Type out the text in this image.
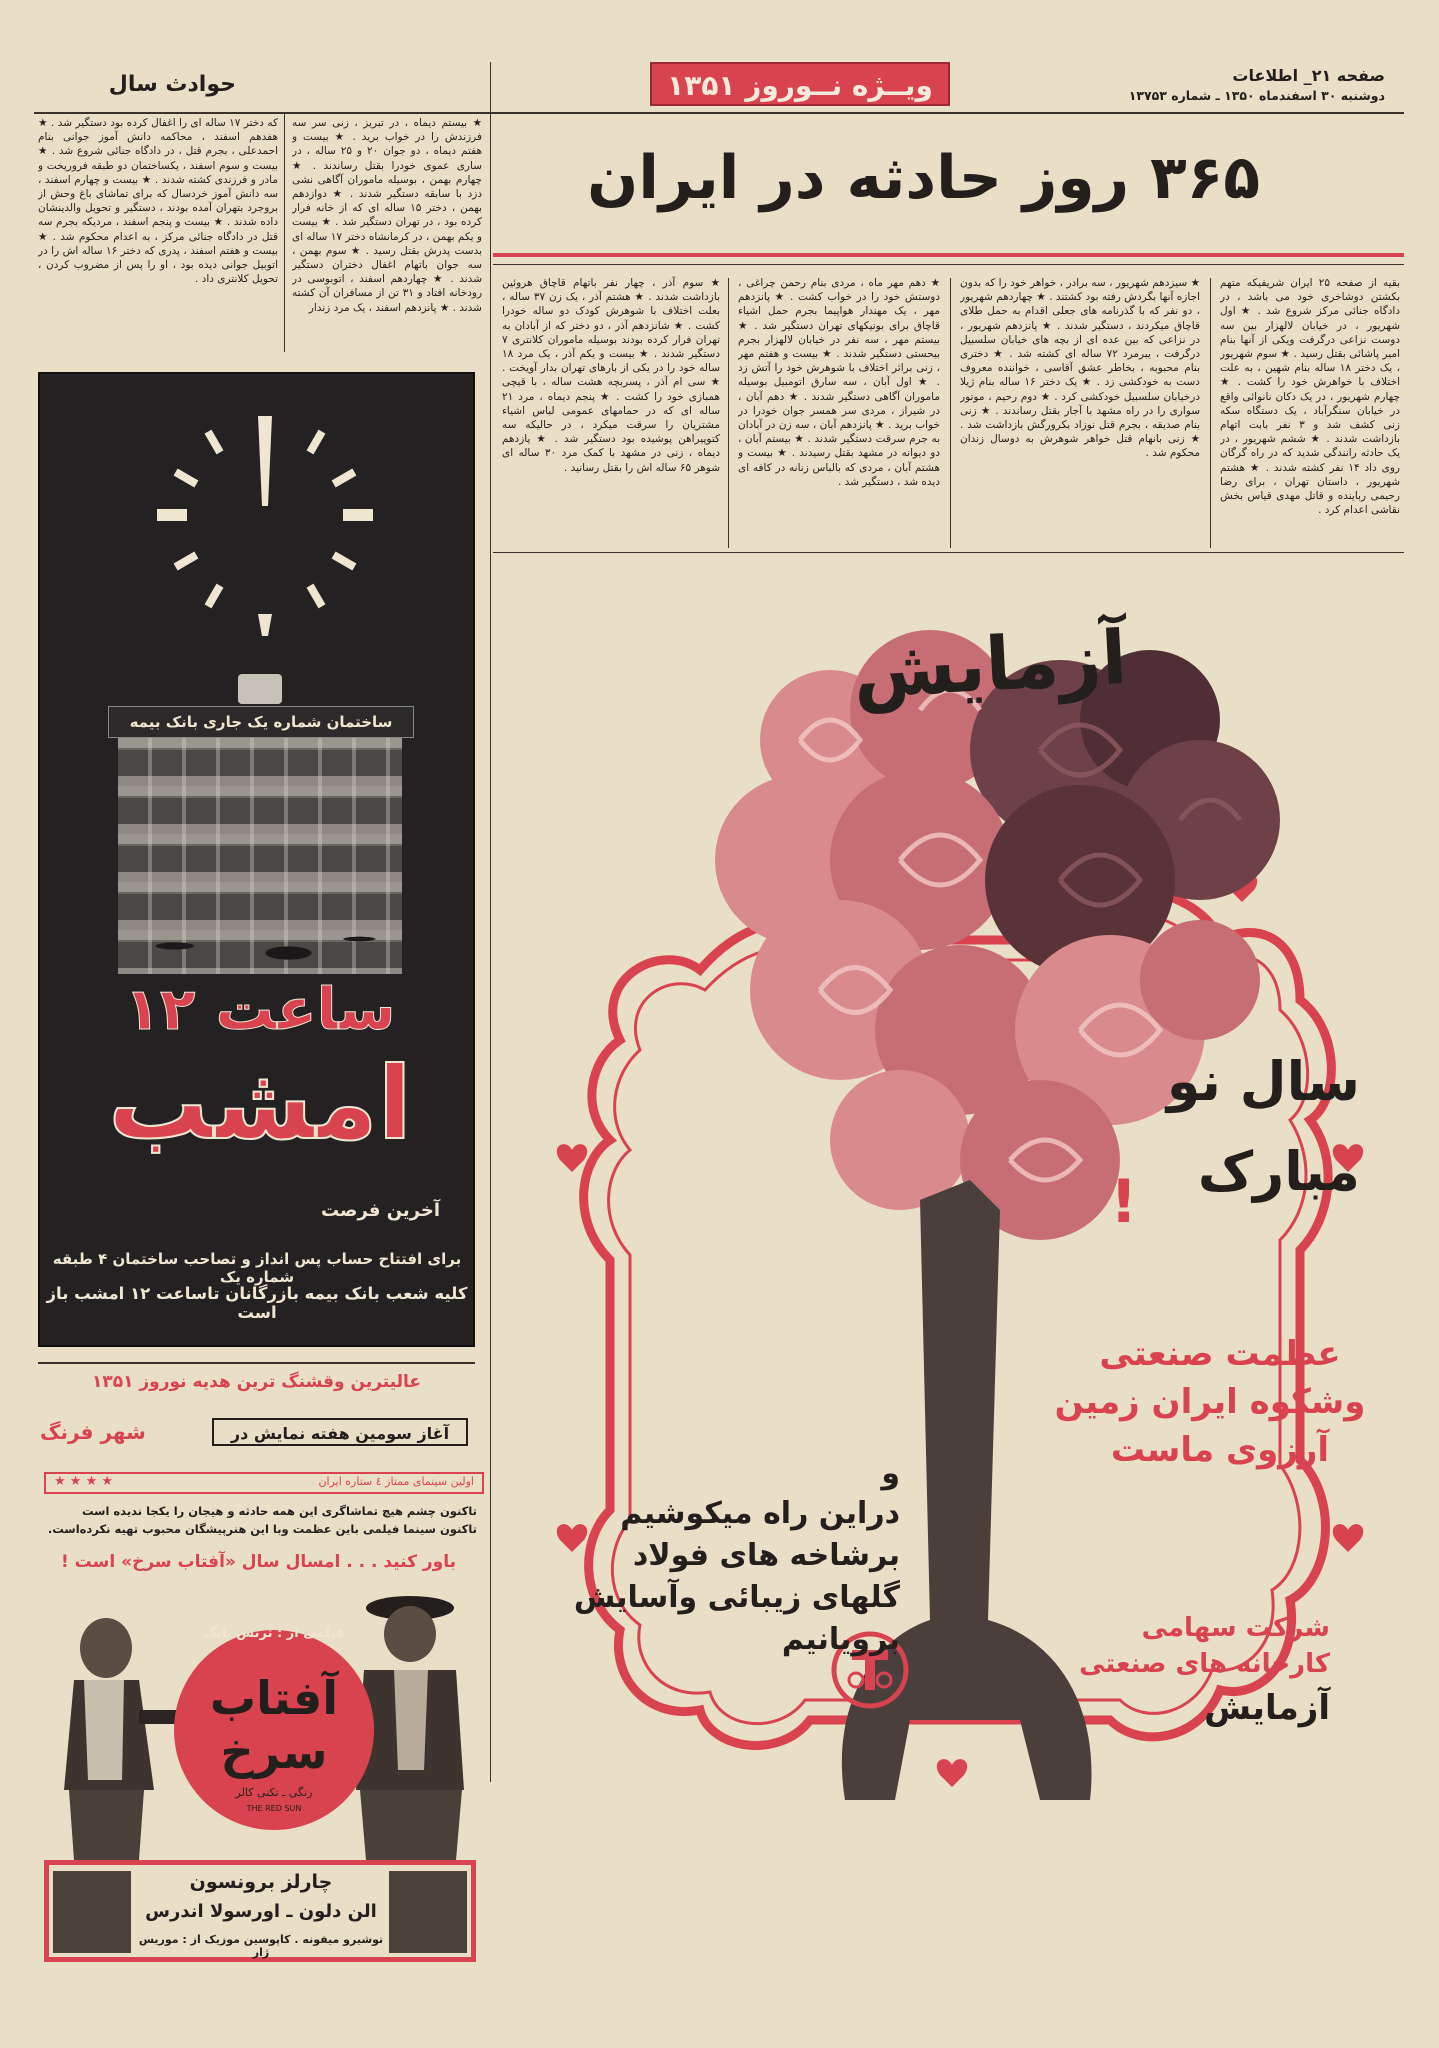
صفحه ۲۱_ اطلاعات
دوشنبه ۳۰ اسفندماه ۱۳۵۰ ـ شماره ۱۳۷۵۳
ویــژه نــوروز ۱۳۵۱
حوادث سال
۳۶۵ روز حادثه در ایران
بقیه از صفحه ۲۵ ایران شریفیکه متهم بکشتن دوشاخری خود می باشد ، در دادگاه جنائی مرکز شروع شد . ★ اول شهریور ، در خیابان لالهزار بین سه دوست نزاعی درگرفت ویکی از آنها بنام امیر پاشائی بقتل رسید . ★ سوم شهریور ، یک دختر ۱۸ ساله بنام شهین ، به علت اختلاف با خواهرش خود را کشت . ★ چهارم شهریور ، در یک دکان نانوائی واقع در خیابان سنگرآباد ، یک دستگاه سکه زنی کشف شد و ۳ نفر بابت اتهام بازداشت شدند . ★ ششم شهریور ، در یک حادثه رانندگی شدید که در راه گرگان روی داد ۱۴ نفر کشته شدند . ★ هشتم شهریور ، داستان تهران ، برای رضا رحیمی رباینده و قاتل مهدی قیاس بخش نقاشی اعدام کرد .
★ سیزدهم شهریور ، سه برادر ، خواهر خود را که بدون اجازه آنها بگردش رفته بود کشتند . ★ چهاردهم شهریور ، دو نفر که با گذرنامه های جعلی اقدام به حمل طلای قاچاق میکردند ، دستگیر شدند . ★ پانزدهم شهریور ، در نزاعی که بین عده ای از بچه های خیابان سلسبیل درگرفت ، یبرمرد ۷۲ ساله ای کشته شد . ★ دختری بنام محبوبه ، بخاطر عشق آقاسی ، خواننده معروف دست به خودکشی زد . ★ یک دختر ۱۶ ساله بنام ژیلا درخیابان سلسبیل خودکشی کرد . ★ دوم رحیم ، موتور سواری را در راه مشهد با آجار بقتل رساندند . ★ زنی بنام صدیقه ، بجرم قتل نوزاد بکرورگش بازداشت شد . ★ زنی بانهام قتل خواهر شوهرش به دوسال زندان محکوم شد .
★ دهم مهر ماه ، مردی بنام رحمن چراغی ، دوستش خود را در خواب کشت . ★ پانزدهم مهر ، یک مهندار هواپیما بجرم حمل اشیاء قاچاق برای بونیکهای تهران دستگیر شد . ★ بیستم مهر ، سه نفر در خیابان لالهزار بجرم بیحستی دستگیر شدند . ★ بیست و هفتم مهر ، زنی براثر اختلاف با شوهرش خود را آتش زد . ★ اول آبان ، سه سارق اتومبیل بوسیله ماموران آگاهی دستگیر شدند . ★ دهم آبان ، در شیراز ، مردی سر همسر جوان خودرا در خواب برید . ★ پانزدهم آبان ، سه زن در آبادان به جرم سرقت دستگیر شدند . ★ بیستم آبان ، دو دیوانه در مشهد بقتل رسیدند . ★ بیست و هشتم آبان ، مردی که بالباس زنانه در کافه ای دیده شد ، دستگیر شد .
★ سوم آذر ، چهار نفر باتهام قاچاق هروئین بازداشت شدند . ★ هشتم آذر ، یک زن ۳۷ ساله ، بعلت اختلاف با شوهرش کودک دو ساله خودرا کشت . ★ شانزدهم آذر ، دو دختر که از آبادان به تهران فرار کرده بودند بوسیله ماموران کلانتری ۷ دستگیر شدند . ★ بیست و یکم آذر ، یک مرد ۱۸ ساله خود را در یکی از بارهای تهران بدار آویخت . ★ سی ام آذر ، پسربچه هشت ساله ، با قیچی همبازی خود را کشت . ★ پنجم دیماه ، مرد ۲۱ ساله ای که در حمامهای عمومی لباس اشیاء مشتریان را سرقت میکرد ، در حالیکه سه کتوپیراهن پوشیده بود دستگیر شد . ★ یازدهم دیماه ، زنی در مشهد با کمک مرد ۳۰ ساله ای شوهر ۶۵ ساله اش را بقتل رسانید .
★ بیستم دیماه ، در تبریز ، زنی سر سه فرزندش را در خواب برید . ★ بیست و هفتم دیماه ، دو جوان ۲۰ و ۲۵ ساله ، در ساری عموی خودرا بقتل رساندند . ★ چهارم بهمن ، بوسیله ماموران آگاهی نشی دزد با سابقه دستگیر شدند . ★ دوازدهم بهمن ، دختر ۱۵ ساله ای که از خانه فرار کرده بود ، در تهران دستگیر شد . ★ بیست و یکم بهمن ، در کرمانشاه دختر ۱۷ ساله ای بدست پدرش بقتل رسید . ★ سوم بهمن ، سه جوان باتهام اغفال دختران دستگیر شدند . ★ چهاردهم اسفند ، اتوبوسی در رودخانه افتاد و ۳۱ تن از مسافران آن کشته شدند . ★ پانزدهم اسفند ، یک مرد زندار
که دختر ۱۷ ساله ای را اغفال کرده بود دستگیر شد . ★ هفدهم اسفند ، محاکمه دانش آموز جوانی بنام احمدعلی ، بجرم قتل ، در دادگاه جنائی شروع شد . ★ بیست و سوم اسفند ، یکساختمان دو طبقه فروریخت و مادر و فرزندی کشته شدند . ★ بیست و چهارم اسفند ، سه دانش آموز خردسال که برای تماشای باغ وحش از بروجرد بتهران آمده بودند ، دستگیر و تحویل والدینشان داده شدند . ★ بیست و پنجم اسفند ، مردیکه بجرم سه قتل در دادگاه جنائی مرکز ، به اعدام محکوم شد . ★ بیست و هفتم اسفند ، پدری که دختر ۱۶ ساله اش را در اتوبیل جوانی دیده بود ، او را پس از مضروب کردن ، تحویل کلانتری داد .
ساختمان شماره یک جاری بانک بیمه
ساعت ۱۲
امشب
آخرین فرصت
برای افتتاح حساب پس انداز و تصاحب ساختمان ۴ طبقه شماره یک
کلیه شعب بانک بیمه بازرگانان تاساعت ۱۲ امشب باز است
عالیترین وقشنگ ترین هدیه نوروز ۱۳۵۱
شهر فرنگ	آغاز سومین هفته نمایش در
اولین سینمای ممتاز ٤ ستاره ایران
★ ★ ★ ★
تاکنون چشم هیچ تماشاگری این همه حادثه و هیجان را یکجا ندیده است
تاکنون سینما فیلمی باین عظمت وبا این هنرپیشگان محبوب تهیه نکرده‌است.
باور کنید . . . امسال سال «آفتاب سرخ» است !
فیلمی از : ترنس یانگ
آفتاب
سرخ
رنگی ـ تکنی کالر
THE RED SUN
چارلز برونسون
الن دلون ـ اورسولا اندرس
توشیرو میفونه . کاپوسین موزیک از : موریس ژار
آزمایش
سال نو
مبارک
!
عظمت صنعتی
وشکوه ایران زمین
آرزوی ماست
و
دراین راه میکوشیم
برشاخه های فولاد
گلهای زیبائی وآسایش
برویانیم	شرکت سهامی
کارخانه های صنعتی
آزمایش
